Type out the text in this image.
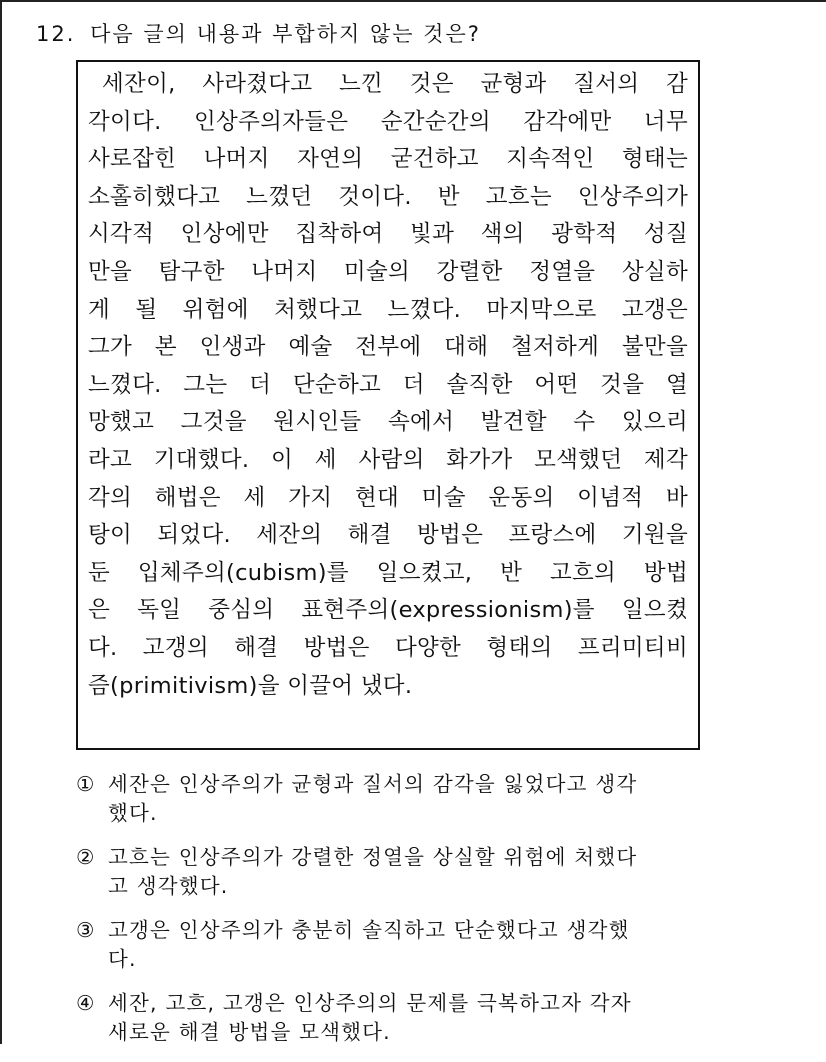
12. 다음 글의 내용과 부합하지 않는 것은?
세잔이, 사라졌다고 느낀 것은 균형과 질서의 감
각이다. 인상주의자들은 순간순간의 감각에만 너무
사로잡힌 나머지 자연의 굳건하고 지속적인 형태는
소홀히했다고 느꼈던 것이다. 반 고흐는 인상주의가
시각적 인상에만 집착하여 빛과 색의 광학적 성질
만을 탐구한 나머지 미술의 강렬한 정열을 상실하
게 될 위험에 처했다고 느꼈다. 마지막으로 고갱은
그가 본 인생과 예술 전부에 대해 철저하게 불만을
느꼈다. 그는 더 단순하고 더 솔직한 어떤 것을 열
망했고 그것을 원시인들 속에서 발견할 수 있으리
라고 기대했다. 이 세 사람의 화가가 모색했던 제각
각의 해법은 세 가지 현대 미술 운동의 이념적 바
탕이 되었다. 세잔의 해결 방법은 프랑스에 기원을
둔 입체주의(cubism)를 일으켰고, 반 고흐의 방법
은 독일 중심의 표현주의(expressionism)를 일으켰
다. 고갱의 해결 방법은 다양한 형태의 프리미티비
즘(primitivism)을 이끌어 냈다.
① 세잔은 인상주의가 균형과 질서의 감각을 잃었다고 생각
했다.
② 고흐는 인상주의가 강렬한 정열을 상실할 위험에 처했다
고 생각했다.
③ 고갱은 인상주의가 충분히 솔직하고 단순했다고 생각했
다.
④ 세잔, 고흐, 고갱은 인상주의의 문제를 극복하고자 각자
새로운 해결 방법을 모색했다.
